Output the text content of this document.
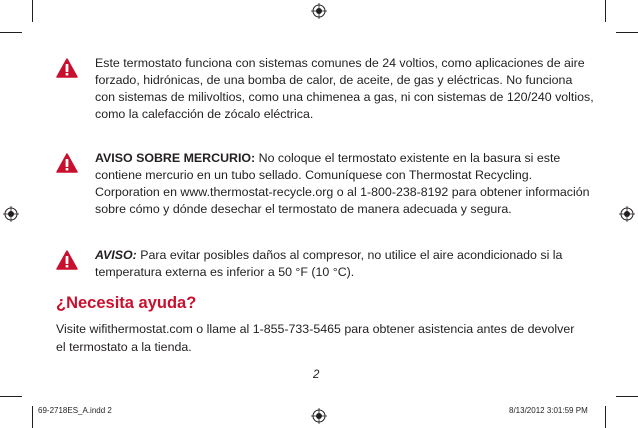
Este termostato funciona con sistemas comunes de 24 voltios, como aplicaciones de aire forzado, hidrónicas, de una bomba de calor, de aceite, de gas y eléctricas. No funciona con sistemas de milivoltios, como una chimenea a gas, ni con sistemas de 120/240 voltios, como la calefacción de zócalo eléctrica.

AVISO SOBRE MERCURIO: No coloque el termostato existente en la basura si este contiene mercurio en un tubo sellado. Comuníquese con Thermostat Recycling. Corporation en www.thermostat-recycle.org o al 1-800-238-8192 para obtener información sobre cómo y dónde desechar el termostato de manera adecuada y segura.

AVISO: Para evitar posibles daños al compresor, no utilice el aire acondicionado si la temperatura externa es inferior a 50 °F (10 °C).

¿Necesita ayuda?

Visite wifithermostat.com o llame al 1-855-733-5465 para obtener asistencia antes de devolver el termostato a la tienda.

2
69-2718ES_A.indd 2	8/13/2012 3:01:59 PM
